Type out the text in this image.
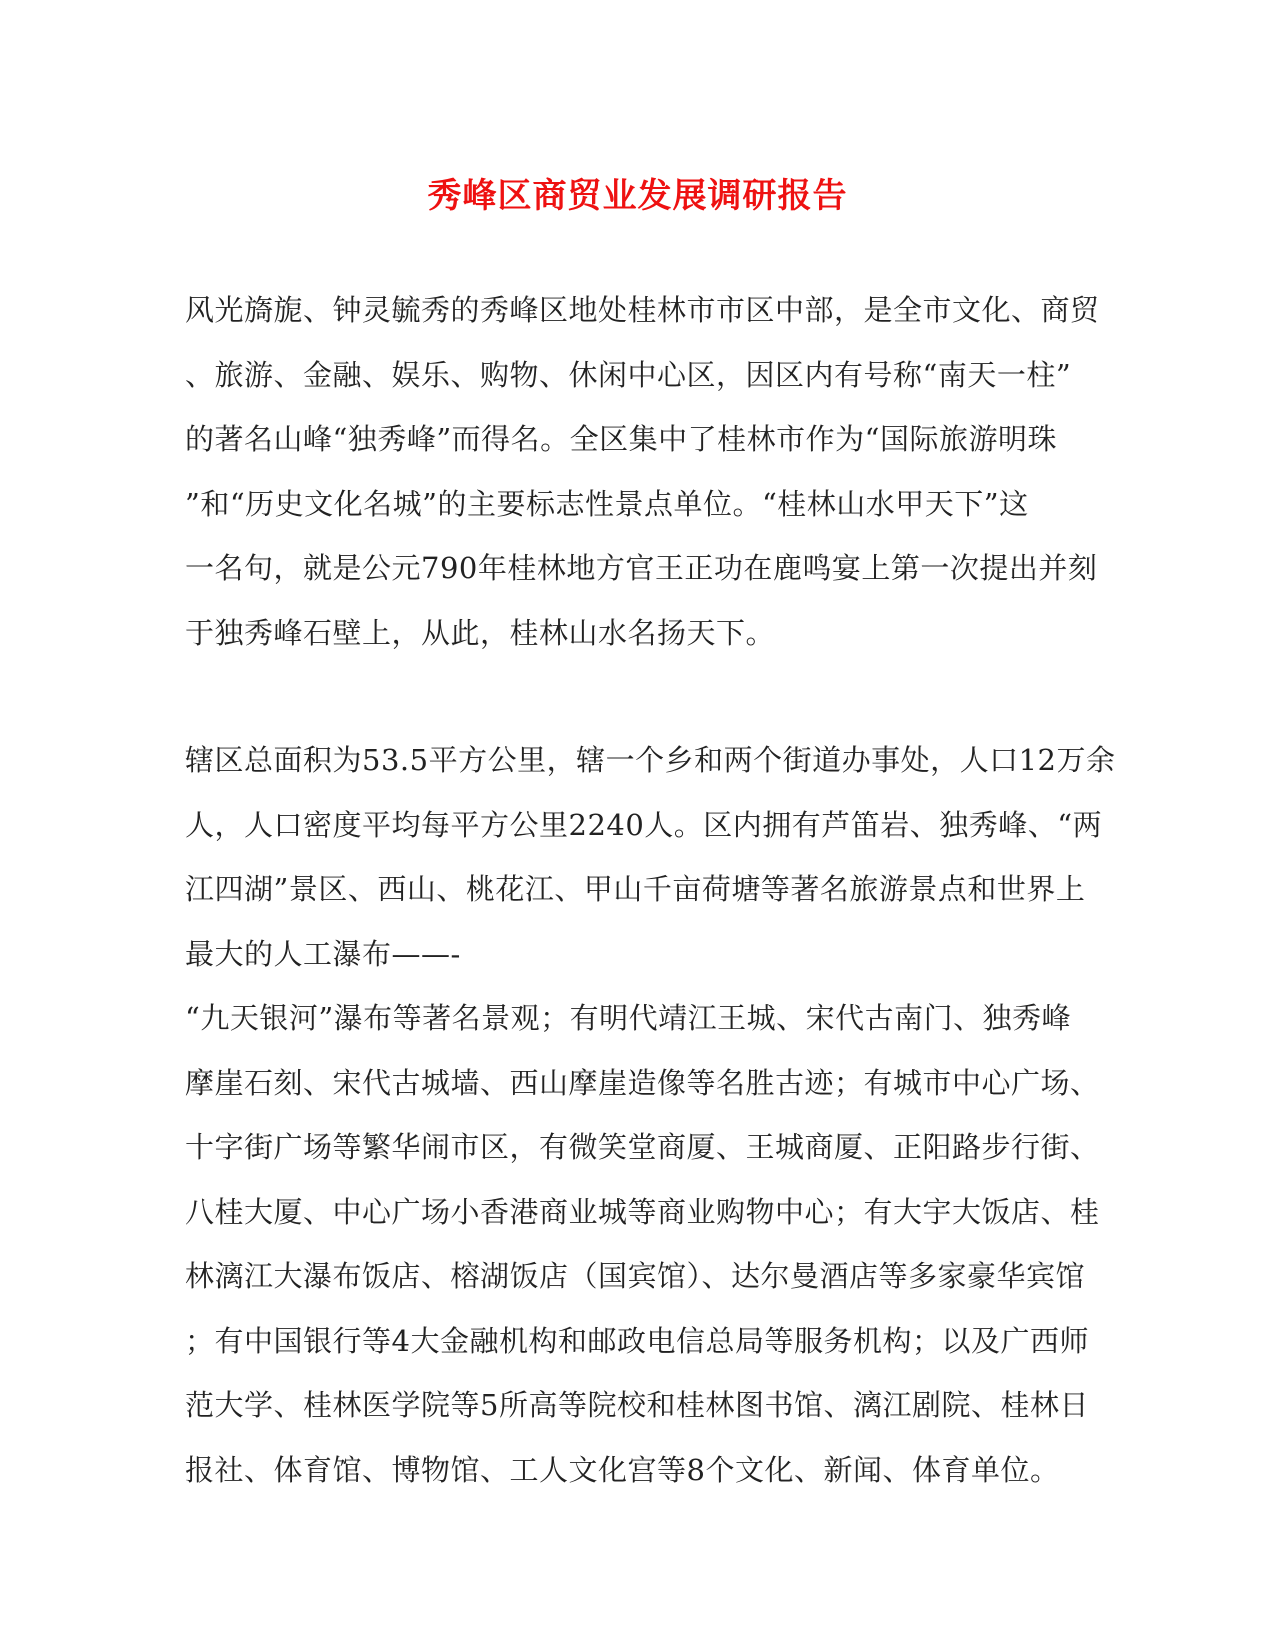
秀峰区商贸业发展调研报告
风光旖旎、钟灵毓秀的秀峰区地处桂林市市区中部，是全市文化、商贸
、旅游、金融、娱乐、购物、休闲中心区，因区内有号称“南天一柱”
的著名山峰“独秀峰”而得名。全区集中了桂林市作为“国际旅游明珠
”和“历史文化名城”的主要标志性景点单位。“桂林山水甲天下”这
一名句，就是公元790年桂林地方官王正功在鹿鸣宴上第一次提出并刻
于独秀峰石壁上，从此，桂林山水名扬天下。
辖区总面积为53.5平方公里，辖一个乡和两个街道办事处，人口12万余
人，人口密度平均每平方公里2240人。区内拥有芦笛岩、独秀峰、“两
江四湖”景区、西山、桃花江、甲山千亩荷塘等著名旅游景点和世界上
最大的人工瀑布——-
“九天银河”瀑布等著名景观；有明代靖江王城、宋代古南门、独秀峰
摩崖石刻、宋代古城墙、西山摩崖造像等名胜古迹；有城市中心广场、
十字街广场等繁华闹市区，有微笑堂商厦、王城商厦、正阳路步行街、
八桂大厦、中心广场小香港商业城等商业购物中心；有大宇大饭店、桂
林漓江大瀑布饭店、榕湖饭店（国宾馆）、达尔曼酒店等多家豪华宾馆
；有中国银行等4大金融机构和邮政电信总局等服务机构；以及广西师
范大学、桂林医学院等5所高等院校和桂林图书馆、漓江剧院、桂林日
报社、体育馆、博物馆、工人文化宫等8个文化、新闻、体育单位。
